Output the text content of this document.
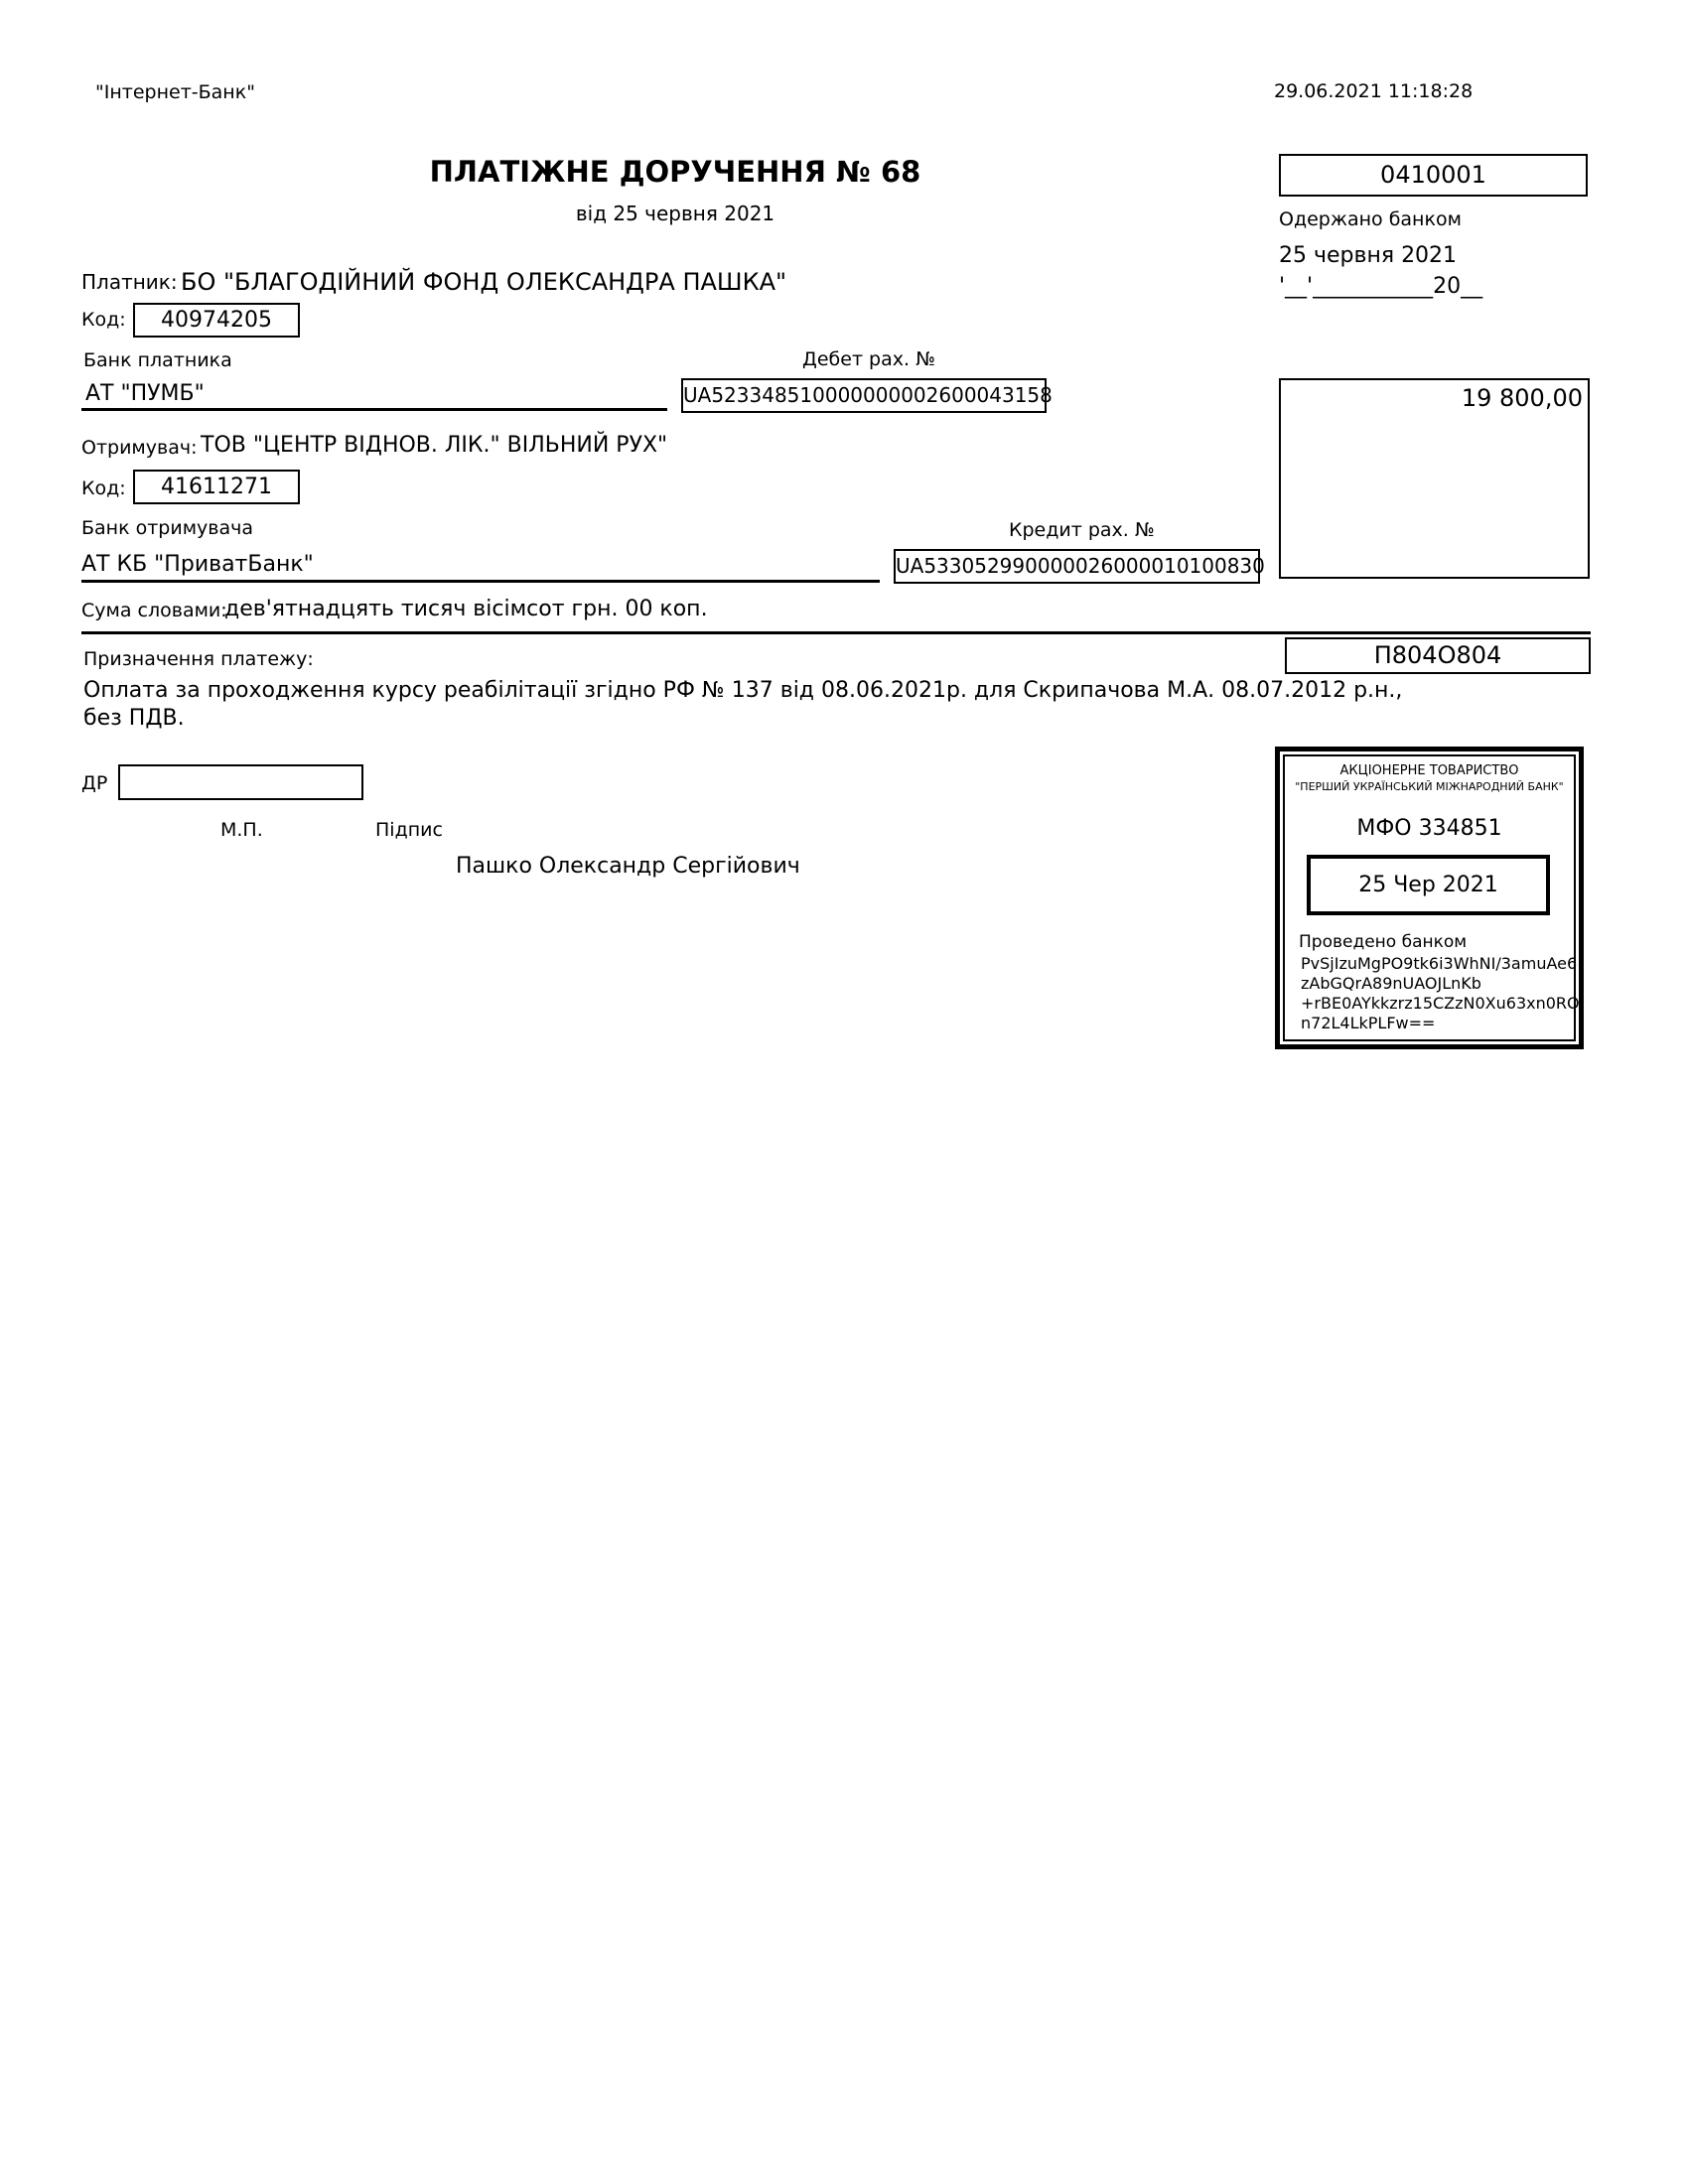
"Інтернет-Банк"	29.06.2021 11:18:28
ПЛАТІЖНЕ ДОРУЧЕННЯ № 68
від 25 червня 2021
0410001
Одержано банком
25 червня 2021
'__'___________20__
Платник: БО "БЛАГОДІЙНИЙ ФОНД ОЛЕКСАНДРА ПАШКА"
Код:	40974205
Банк платника	Дебет рах. №
АТ "ПУМБ"	UA523348510000000002600043158	19 800,00
Отримувач: ТОВ "ЦЕНТР ВІДНОВ. ЛІК." ВІЛЬНИЙ РУХ"
Код:	41611271
Банк отримувача	Кредит рах. №
АТ КБ "ПриватБанк"	UA533052990000026000010100830
Сума словами:
дев'ятнадцять тисяч вісімсот грн. 00 коп.
Призначення платежу:
Оплата за проходження курсу реабілітації згідно РФ № 137 від 08.06.2021р. для Скрипачова М.А. 08.07.2012 р.н.,
без ПДВ.
П804О804
ДР
М.П.	Підпис
Пашко Олександр Сергійович
АКЦІОНЕРНЕ ТОВАРИСТВО
"ПЕРШИЙ УКРАЇНСЬКИЙ МІЖНАРОДНИЙ БАНК"
МФО 334851
25 Чер 2021
Проведено банком
PvSjIzuMgPO9tk6i3WhNI/3amuAe6
zAbGQrA89nUAOJLnKb
+rBE0AYkkzrz15CZzN0Xu63xn0RO
n72L4LkPLFw==
